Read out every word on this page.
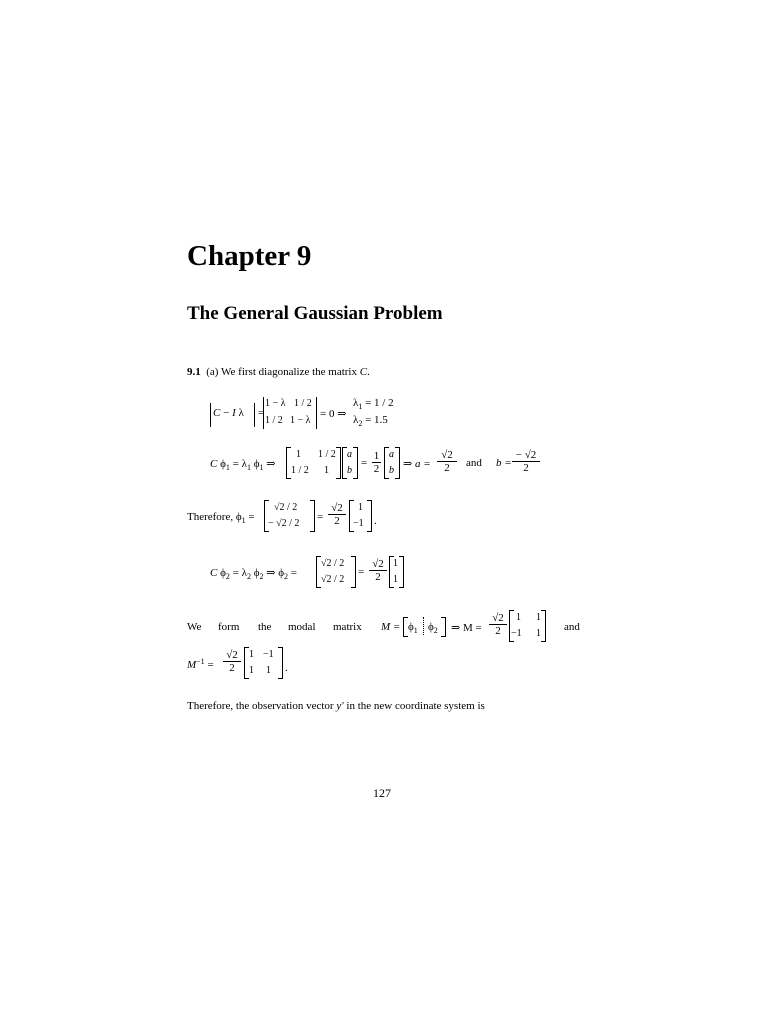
Chapter 9
The General Gaussian Problem
9.1 (a) We first diagonalize the matrix C.
C − I λ =
1 − λ 1 / 2
1 / 2 1 − λ
= 0 ⇒
$\lambda_1 = 1 / 2$
$\lambda_2 = 1.5$
C $\phi_1 = \lambda_1$ $\phi_1$ ⇒
1 1 / 2
1 / 2 1
a
b
= $\frac{1}{2}$ a
b
⇒ $a = \frac{√2}{2}$ and $b = \frac{- √2}{2}$
Therefore, $\phi_1$ =
√2 / 2
− √2 / 2
= $\frac{√2}{2} 1$
−1 .
C $\phi_2 = \lambda_2$ $\phi_2$ ⇒ $\phi_2$ =
√2 / 2
√2 / 2
= $\frac{√2}{2} 1$
1
We form the modal matrix $M = \phi_1$ $\phi_2$ ⇒ $M = \frac{√2}{2} 1$ 1
−1 1
and
$M^{-1} = \frac{√2}{2} 1 -1$
1 1 .
Therefore, the observation vector y′ in the new coordinate system is
127
